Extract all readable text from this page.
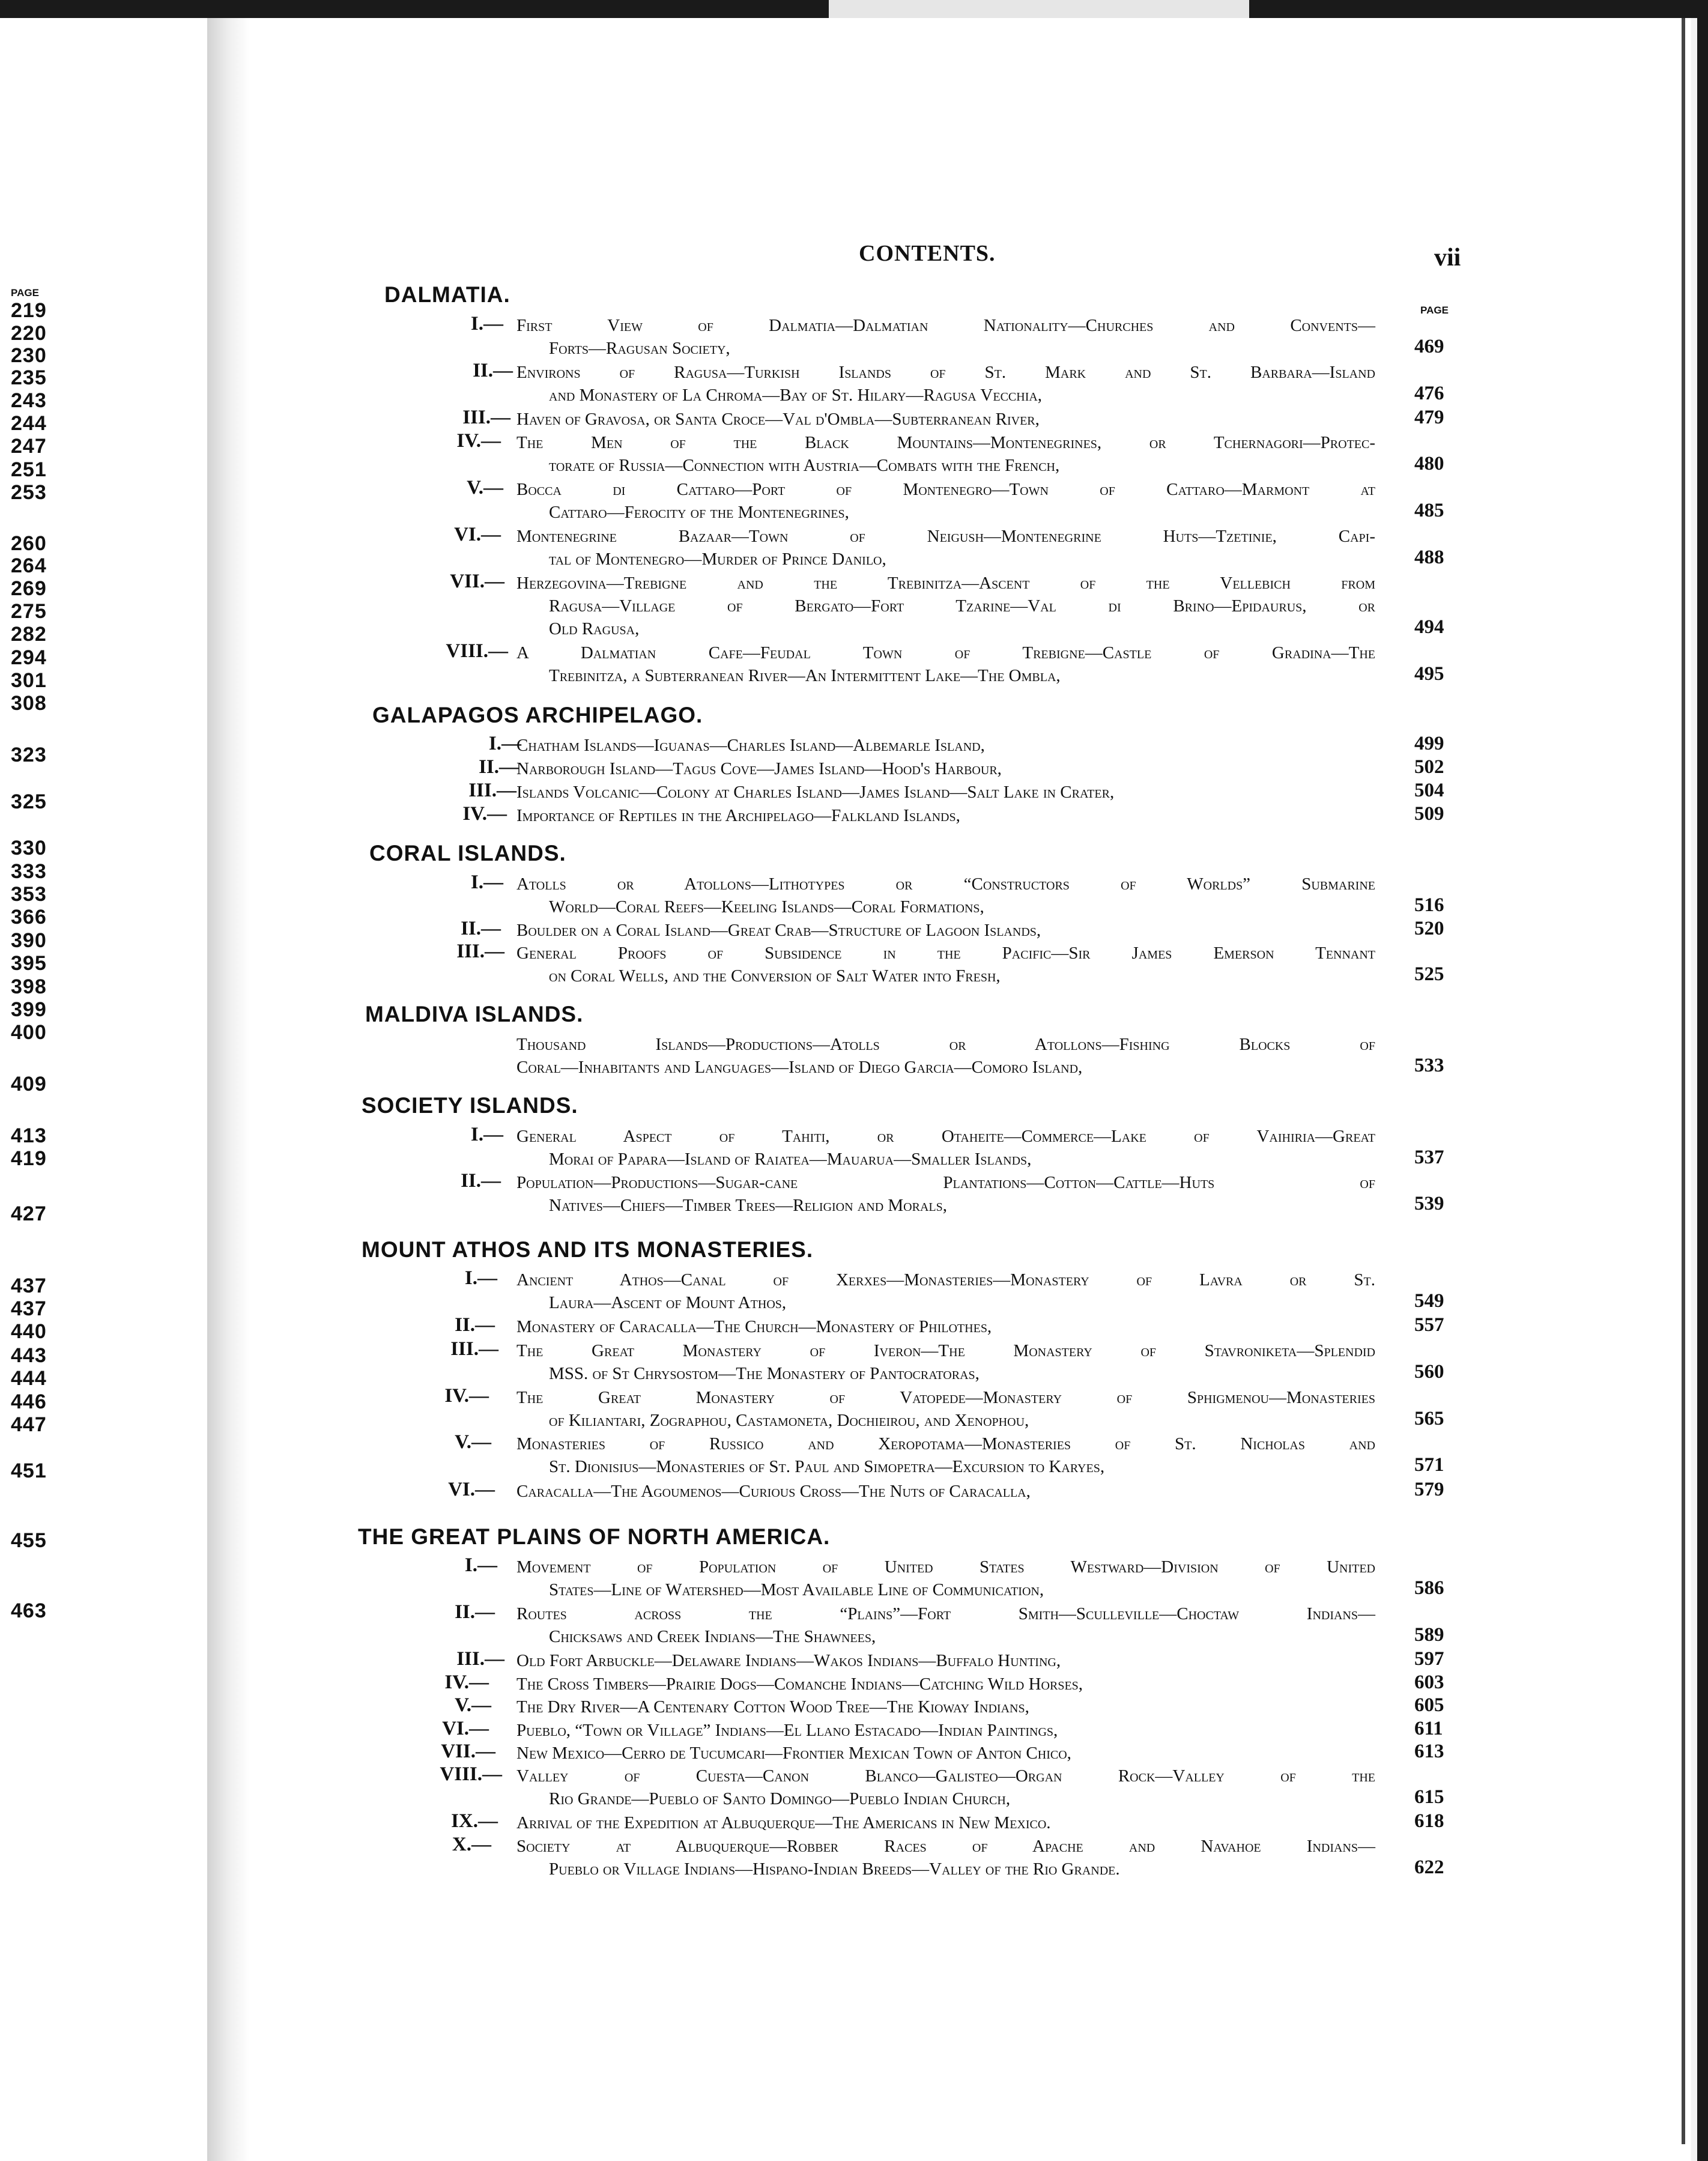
PAGE
219
220
230
235
243
244
247
251
253
260
264
269
275
282
294
301
308
323
325
330
333
353
366
390
395
398
399
400
409
413
419
427
437
437
440
443
444
446
447
451
455
463
CONTENTS.	vii
PAGE
DALMATIA.
I.— First View of Dalmatia—Dalmatian Nationality—Churches and Convents—
Forts—Ragusan Society,	469
II.— Environs of Ragusa—Turkish Islands of St. Mark and St. Barbara—Island
and Monastery of La Chroma—Bay of St. Hilary—Ragusa Vecchia,	476
III.— Haven of Gravosa, or Santa Croce—Val d'Ombla—Subterranean River,	479
IV.— The Men of the Black Mountains—Montenegrines, or Tchernagori—Protec-
torate of Russia—Connection with Austria—Combats with the French,	480
V.— Bocca di Cattaro—Port of Montenegro—Town of Cattaro—Marmont at
Cattaro—Ferocity of the Montenegrines,	485
VI.— Montenegrine Bazaar—Town of Neigush—Montenegrine Huts—Tzetinie, Capi-
tal of Montenegro—Murder of Prince Danilo,	488
VII.— Herzegovina—Trebigne and the Trebinitza—Ascent of the Vellebich from
Ragusa—Village of Bergato—Fort Tzarine—Val di Brino—Epidaurus, or
Old Ragusa,	494
VIII.— A Dalmatian Cafe—Feudal Town of Trebigne—Castle of Gradina—The
Trebinitza, a Subterranean River—An Intermittent Lake—The Ombla,	495
GALAPAGOS ARCHIPELAGO.
I.—
Chatham Islands—Iguanas—Charles Island—Albemarle Island,	499
II.—
Narborough Island—Tagus Cove—James Island—Hood's Harbour,	502
III.— Islands Volcanic—Colony at Charles Island—James Island—Salt Lake in Crater,	504
IV.— Importance of Reptiles in the Archipelago—Falkland Islands,	509
CORAL ISLANDS.
I.— Atolls or Atollons—Lithotypes or “Constructors of Worlds” Submarine
World—Coral Reefs—Keeling Islands—Coral Formations,	516
II.— Boulder on a Coral Island—Great Crab—Structure of Lagoon Islands,	520
III.— General Proofs of Subsidence in the Pacific—Sir James Emerson Tennant
on Coral Wells, and the Conversion of Salt Water into Fresh,	525
MALDIVA ISLANDS.
Thousand Islands—Productions—Atolls or Atollons—Fishing Blocks of
Coral—Inhabitants and Languages—Island of Diego Garcia—Comoro Island,	533
SOCIETY ISLANDS.
I.— General Aspect of Tahiti, or Otaheite—Commerce—Lake of Vaihiria—Great
Morai of Papara—Island of Raiatea—Mauarua—Smaller Islands,	537
II.— Population—Productions—Sugar-cane Plantations—Cotton—Cattle—Huts of
Natives—Chiefs—Timber Trees—Religion and Morals,	539
MOUNT ATHOS AND ITS MONASTERIES.
I.— Ancient Athos—Canal of Xerxes—Monasteries—Monastery of Lavra or St.
Laura—Ascent of Mount Athos,	549
II.— Monastery of Caracalla—The Church—Monastery of Philothes,	557
III.— The Great Monastery of Iveron—The Monastery of Stavroniketa—Splendid
MSS. of St Chrysostom—The Monastery of Pantocratoras,	560
IV.— The Great Monastery of Vatopede—Monastery of Sphigmenou—Monasteries
of Kiliantari, Zographou, Castamoneta, Dochieirou, and Xenophou,	565
V.— Monasteries of Russico and Xeropotama—Monasteries of St. Nicholas and
St. Dionisius—Monasteries of St. Paul and Simopetra—Excursion to Karyes,	571
VI.— Caracalla—The Agoumenos—Curious Cross—The Nuts of Caracalla,	579
THE GREAT PLAINS OF NORTH AMERICA.
I.— Movement of Population of United States Westward—Division of United
States—Line of Watershed—Most Available Line of Communication,	586
II.— Routes across the “Plains”—Fort Smith—Sculleville—Choctaw Indians—
Chicksaws and Creek Indians—The Shawnees,	589
III.— Old Fort Arbuckle—Delaware Indians—Wakos Indians—Buffalo Hunting,	597
IV.— The Cross Timbers—Prairie Dogs—Comanche Indians—Catching Wild Horses,	603
V.— The Dry River—A Centenary Cotton Wood Tree—The Kioway Indians,	605
VI.— Pueblo, “Town or Village” Indians—El Llano Estacado—Indian Paintings,	611
VII.— New Mexico—Cerro de Tucumcari—Frontier Mexican Town of Anton Chico,	613
VIII.— Valley of Cuesta—Canon Blanco—Galisteo—Organ Rock—Valley of the
Rio Grande—Pueblo of Santo Domingo—Pueblo Indian Church,	615
IX.— Arrival of the Expedition at Albuquerque—The Americans in New Mexico.	618
X.— Society at Albuquerque—Robber Races of Apache and Navahoe Indians—
Pueblo or Village Indians—Hispano-Indian Breeds—Valley of the Rio Grande.	622
